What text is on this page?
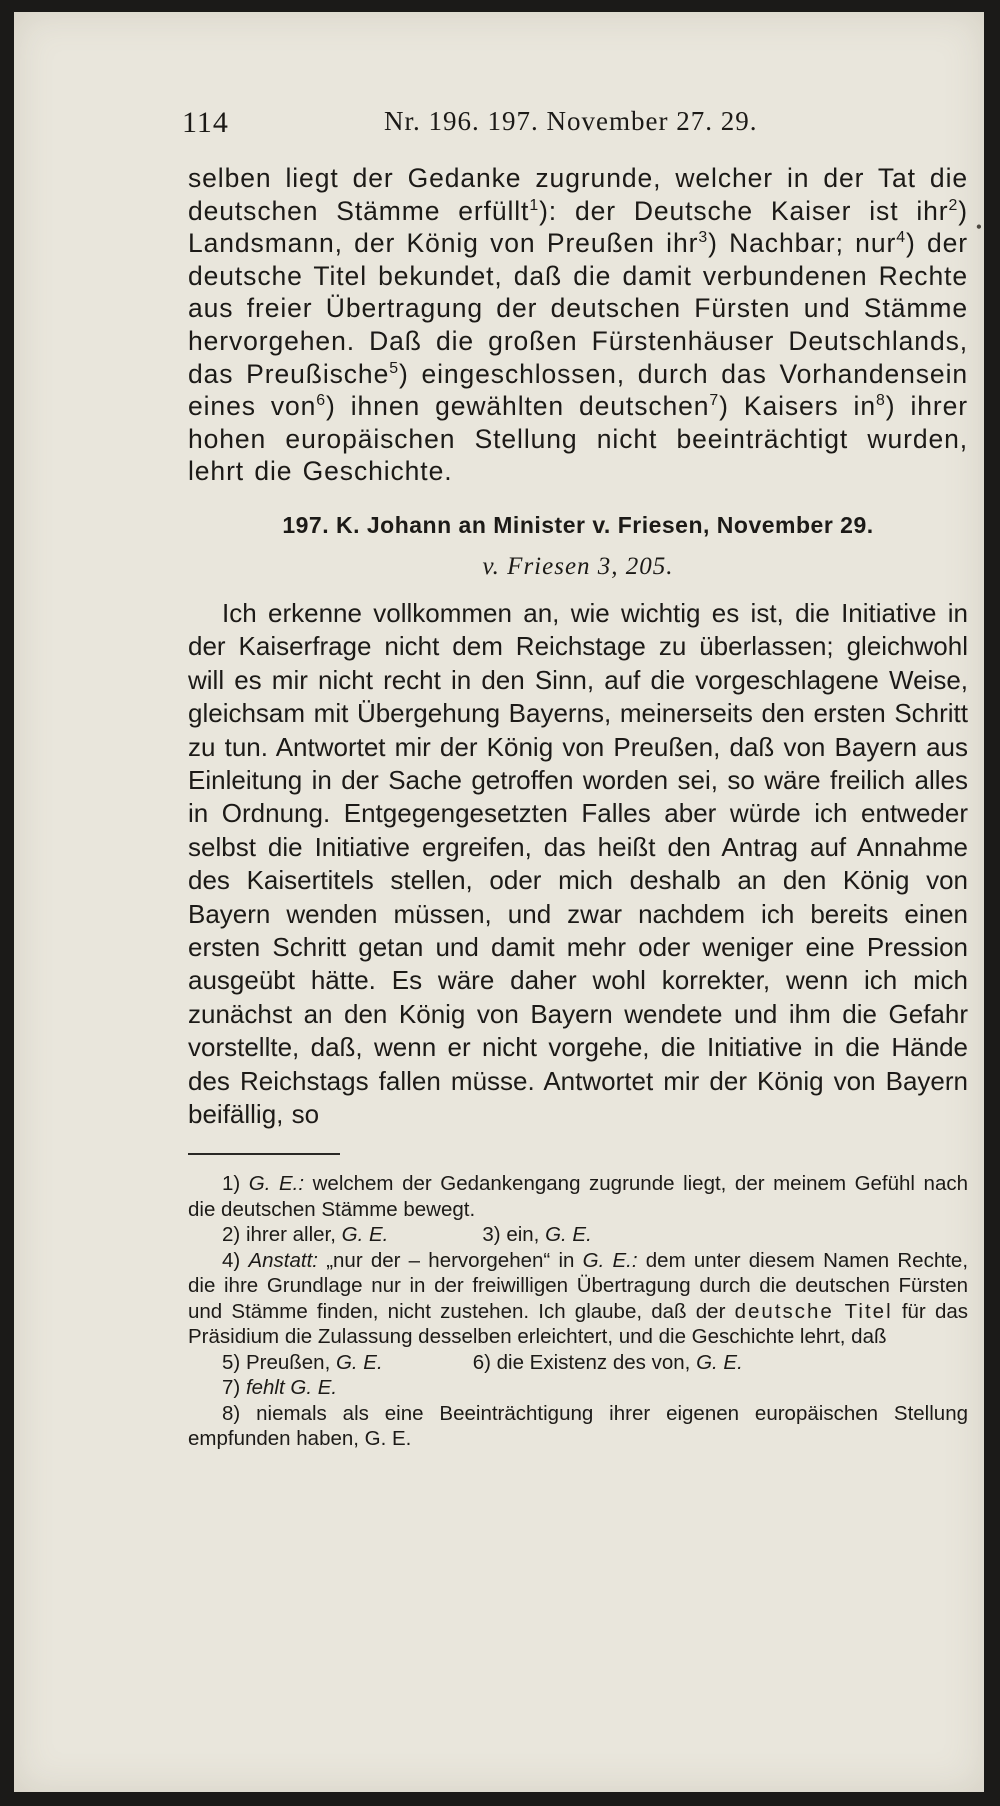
•
114	Nr. 196. 197. November 27. 29.

selben liegt der Gedanke zugrunde, welcher in der Tat die deutschen Stämme erfüllt$^1$): der Deutsche Kaiser ist ihr$^2$) Landsmann, der König von Preußen ihr$^3$) Nachbar; nur$^4$) der deutsche Titel bekundet, daß die damit verbundenen Rechte aus freier Übertragung der deutschen Fürsten und Stämme hervorgehen. Daß die großen Fürstenhäuser Deutschlands, das Preußische$^5$) eingeschlossen, durch das Vorhandensein eines von$^6$) ihnen gewählten deutschen$^7$) Kaisers $in^8$) ihrer hohen europäischen Stellung nicht beeinträchtigt wurden, lehrt die Geschichte.

197. K. Johann an Minister v. Friesen, November 29.

v. Friesen 3, 205.

Ich erkenne vollkommen an, wie wichtig es ist, die Initiative in der Kaiserfrage nicht dem Reichstage zu überlassen; gleichwohl will es mir nicht recht in den Sinn, auf die vorgeschlagene Weise, gleichsam mit Übergehung Bayerns, meinerseits den ersten Schritt zu tun. Antwortet mir der König von Preußen, daß von Bayern aus Einleitung in der Sache getroffen worden sei, so wäre freilich alles in Ordnung. Entgegengesetzten Falles aber würde ich entweder selbst die Initiative ergreifen, das heißt den Antrag auf Annahme des Kaisertitels stellen, oder mich deshalb an den König von Bayern wenden müssen, und zwar nachdem ich bereits einen ersten Schritt getan und damit mehr oder weniger eine Pression ausgeübt hätte. Es wäre daher wohl korrekter, wenn ich mich zunächst an den König von Bayern wendete und ihm die Gefahr vorstellte, daß, wenn er nicht vorgehe, die Initiative in die Hände des Reichstags fallen müsse. Antwortet mir der König von Bayern beifällig, so

1) G. E.: welchem der Gedankengang zugrunde liegt, der meinem Gefühl nach die deutschen Stämme bewegt.
2) ihrer aller, G. E.	3) ein, G. E.
4) Anstatt: „nur der – hervorgehen“ in G. E.: dem unter diesem Namen Rechte, die ihre Grundlage nur in der freiwilligen Übertragung durch die deutschen Fürsten und Stämme finden, nicht zustehen. Ich glaube, daß der deutsche Titel für das Präsidium die Zulassung desselben erleichtert, und die Geschichte lehrt, daß
5) Preußen, G. E.	6) die Existenz des von, G. E.
7) fehlt G. E.
8) niemals als eine Beeinträchtigung ihrer eigenen europäischen Stellung empfunden haben, G. E.
